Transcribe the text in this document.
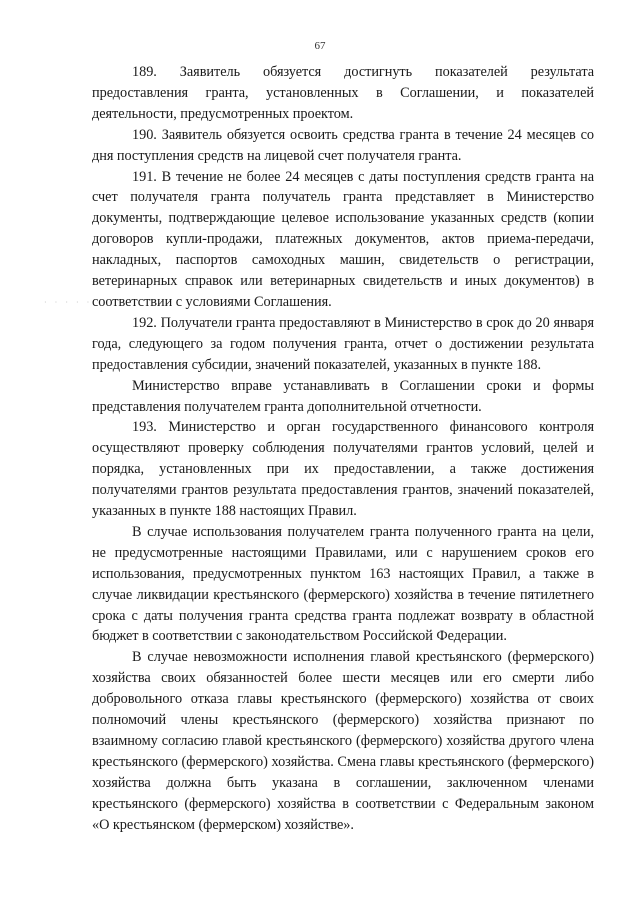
67
· · · · ·

189. Заявитель обязуется достигнуть показателей результата предоставления гранта, установленных в Соглашении, и показателей деятельности, предусмотренных проектом.

190. Заявитель обязуется освоить средства гранта в течение 24 месяцев со дня поступления средств на лицевой счет получателя гранта.

191. В течение не более 24 месяцев с даты поступления средств гранта на счет получателя гранта получатель гранта представляет в Министерство документы, подтверждающие целевое использование указанных средств (копии договоров купли-продажи, платежных документов, актов приема-передачи, накладных, паспортов самоходных машин, свидетельств о регистрации, ветеринарных справок или ветеринарных свидетельств и иных документов) в соответствии с условиями Соглашения.

192. Получатели гранта предоставляют в Министерство в срок до 20 января года, следующего за годом получения гранта, отчет о достижении результата предоставления субсидии, значений показателей, указанных в пункте 188.

Министерство вправе устанавливать в Соглашении сроки и формы представления получателем гранта дополнительной отчетности.

193. Министерство и орган государственного финансового контроля осуществляют проверку соблюдения получателями грантов условий, целей и порядка, установленных при их предоставлении, а также достижения получателями грантов результата предоставления грантов, значений показателей, указанных в пункте 188 настоящих Правил.

В случае использования получателем гранта полученного гранта на цели, не предусмотренные настоящими Правилами, или с нарушением сроков его использования, предусмотренных пунктом 163 настоящих Правил, а также в случае ликвидации крестьянского (фермерского) хозяйства в течение пятилетнего срока с даты получения гранта средства гранта подлежат возврату в областной бюджет в соответствии с законодательством Российской Федерации.

В случае невозможности исполнения главой крестьянского (фермерского) хозяйства своих обязанностей более шести месяцев или его смерти либо добровольного отказа главы крестьянского (фермерского) хозяйства от своих полномочий члены крестьянского (фермерского) хозяйства признают по взаимному согласию главой крестьянского (фермерского) хозяйства другого члена крестьянского (фермерского) хозяйства. Смена главы крестьянского (фермерского) хозяйства должна быть указана в соглашении, заключенном членами крестьянского (фермерского) хозяйства в соответствии с Федеральным законом «О крестьянском (фермерском) хозяйстве».
